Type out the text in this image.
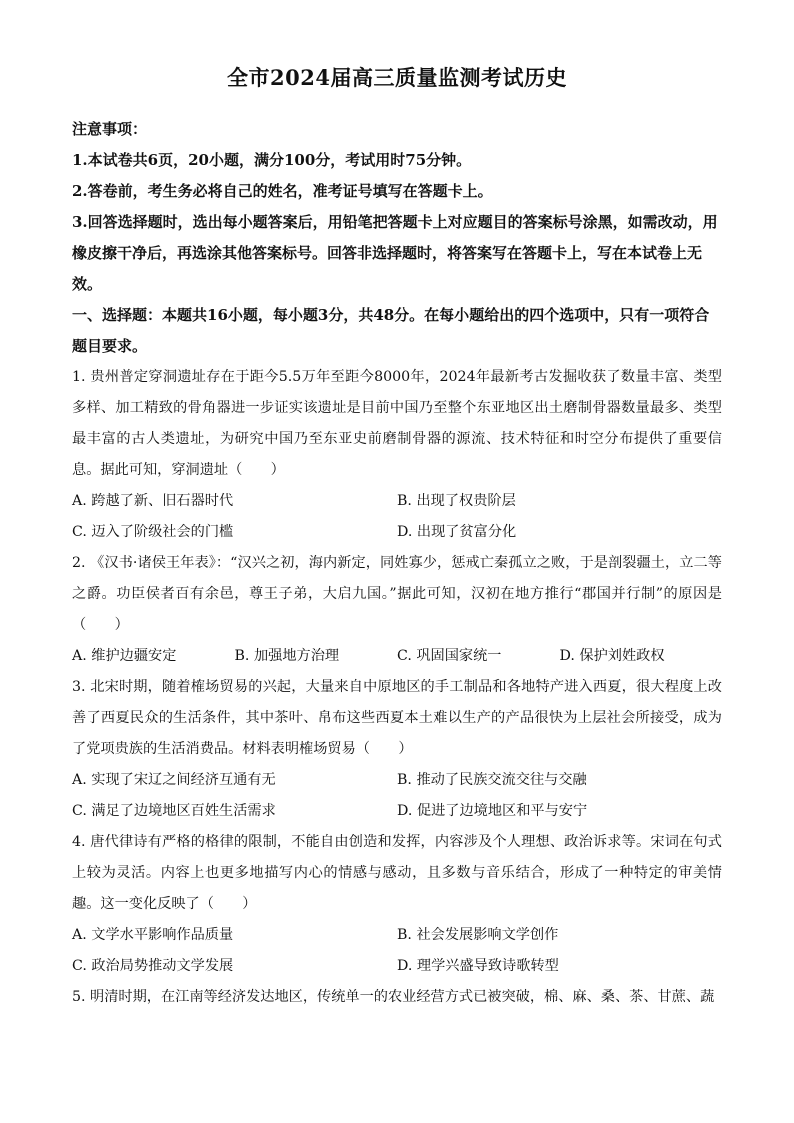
全市2024届高三质量监测考试历史
注意事项：
1.本试卷共6页，20小题，满分100分，考试用时75分钟。
2.答卷前，考生务必将自己的姓名，准考证号填写在答题卡上。
3.回答选择题时，选出每小题答案后，用铅笔把答题卡上对应题目的答案标号涂黑，如需改动，用橡皮擦干净后，再选涂其他答案标号。回答非选择题时，将答案写在答题卡上，写在本试卷上无效。
一、选择题：本题共16小题，每小题3分，共48分。在每小题给出的四个选项中，只有一项符合题目要求。

1. 贵州普定穿洞遗址存在于距今5.5万年至距今8000年，2024年最新考古发掘收获了数量丰富、类型多样、加工精致的骨角器进一步证实该遗址是目前中国乃至整个东亚地区出土磨制骨器数量最多、类型最丰富的古人类遗址，为研究中国乃至东亚史前磨制骨器的源流、技术特征和时空分布提供了重要信息。据此可知，穿洞遗址（　　）

A. 跨越了新、旧石器时代	B. 出现了权贵阶层
C. 迈入了阶级社会的门槛	D. 出现了贫富分化

2. 《汉书·诸侯王年表》：“汉兴之初，海内新定，同姓寡少，惩戒亡秦孤立之败，于是剖裂疆土，立二等之爵。功臣侯者百有余邑，尊王子弟，大启九国。”据此可知，汉初在地方推行“郡国并行制”的原因是（　　）

A. 维护边疆安定	B. 加强地方治理	C. 巩固国家统一	D. 保护刘姓政权

3. 北宋时期，随着榷场贸易的兴起，大量来自中原地区的手工制品和各地特产进入西夏，很大程度上改善了西夏民众的生活条件，其中茶叶、帛布这些西夏本土难以生产的产品很快为上层社会所接受，成为了党项贵族的生活消费品。材料表明榷场贸易（　　）

A. 实现了宋辽之间经济互通有无	B. 推动了民族交流交往与交融
C. 满足了边境地区百姓生活需求	D. 促进了边境地区和平与安宁

4. 唐代律诗有严格的格律的限制，不能自由创造和发挥，内容涉及个人理想、政治诉求等。宋词在句式上较为灵活。内容上也更多地描写内心的情感与感动，且多数与音乐结合，形成了一种特定的审美情趣。这一变化反映了（　　）

A. 文学水平影响作品质量	B. 社会发展影响文学创作
C. 政治局势推动文学发展	D. 理学兴盛导致诗歌转型

5. 明清时期，在江南等经济发达地区，传统单一的农业经营方式已被突破，棉、麻、桑、茶、甘蔗、蔬
